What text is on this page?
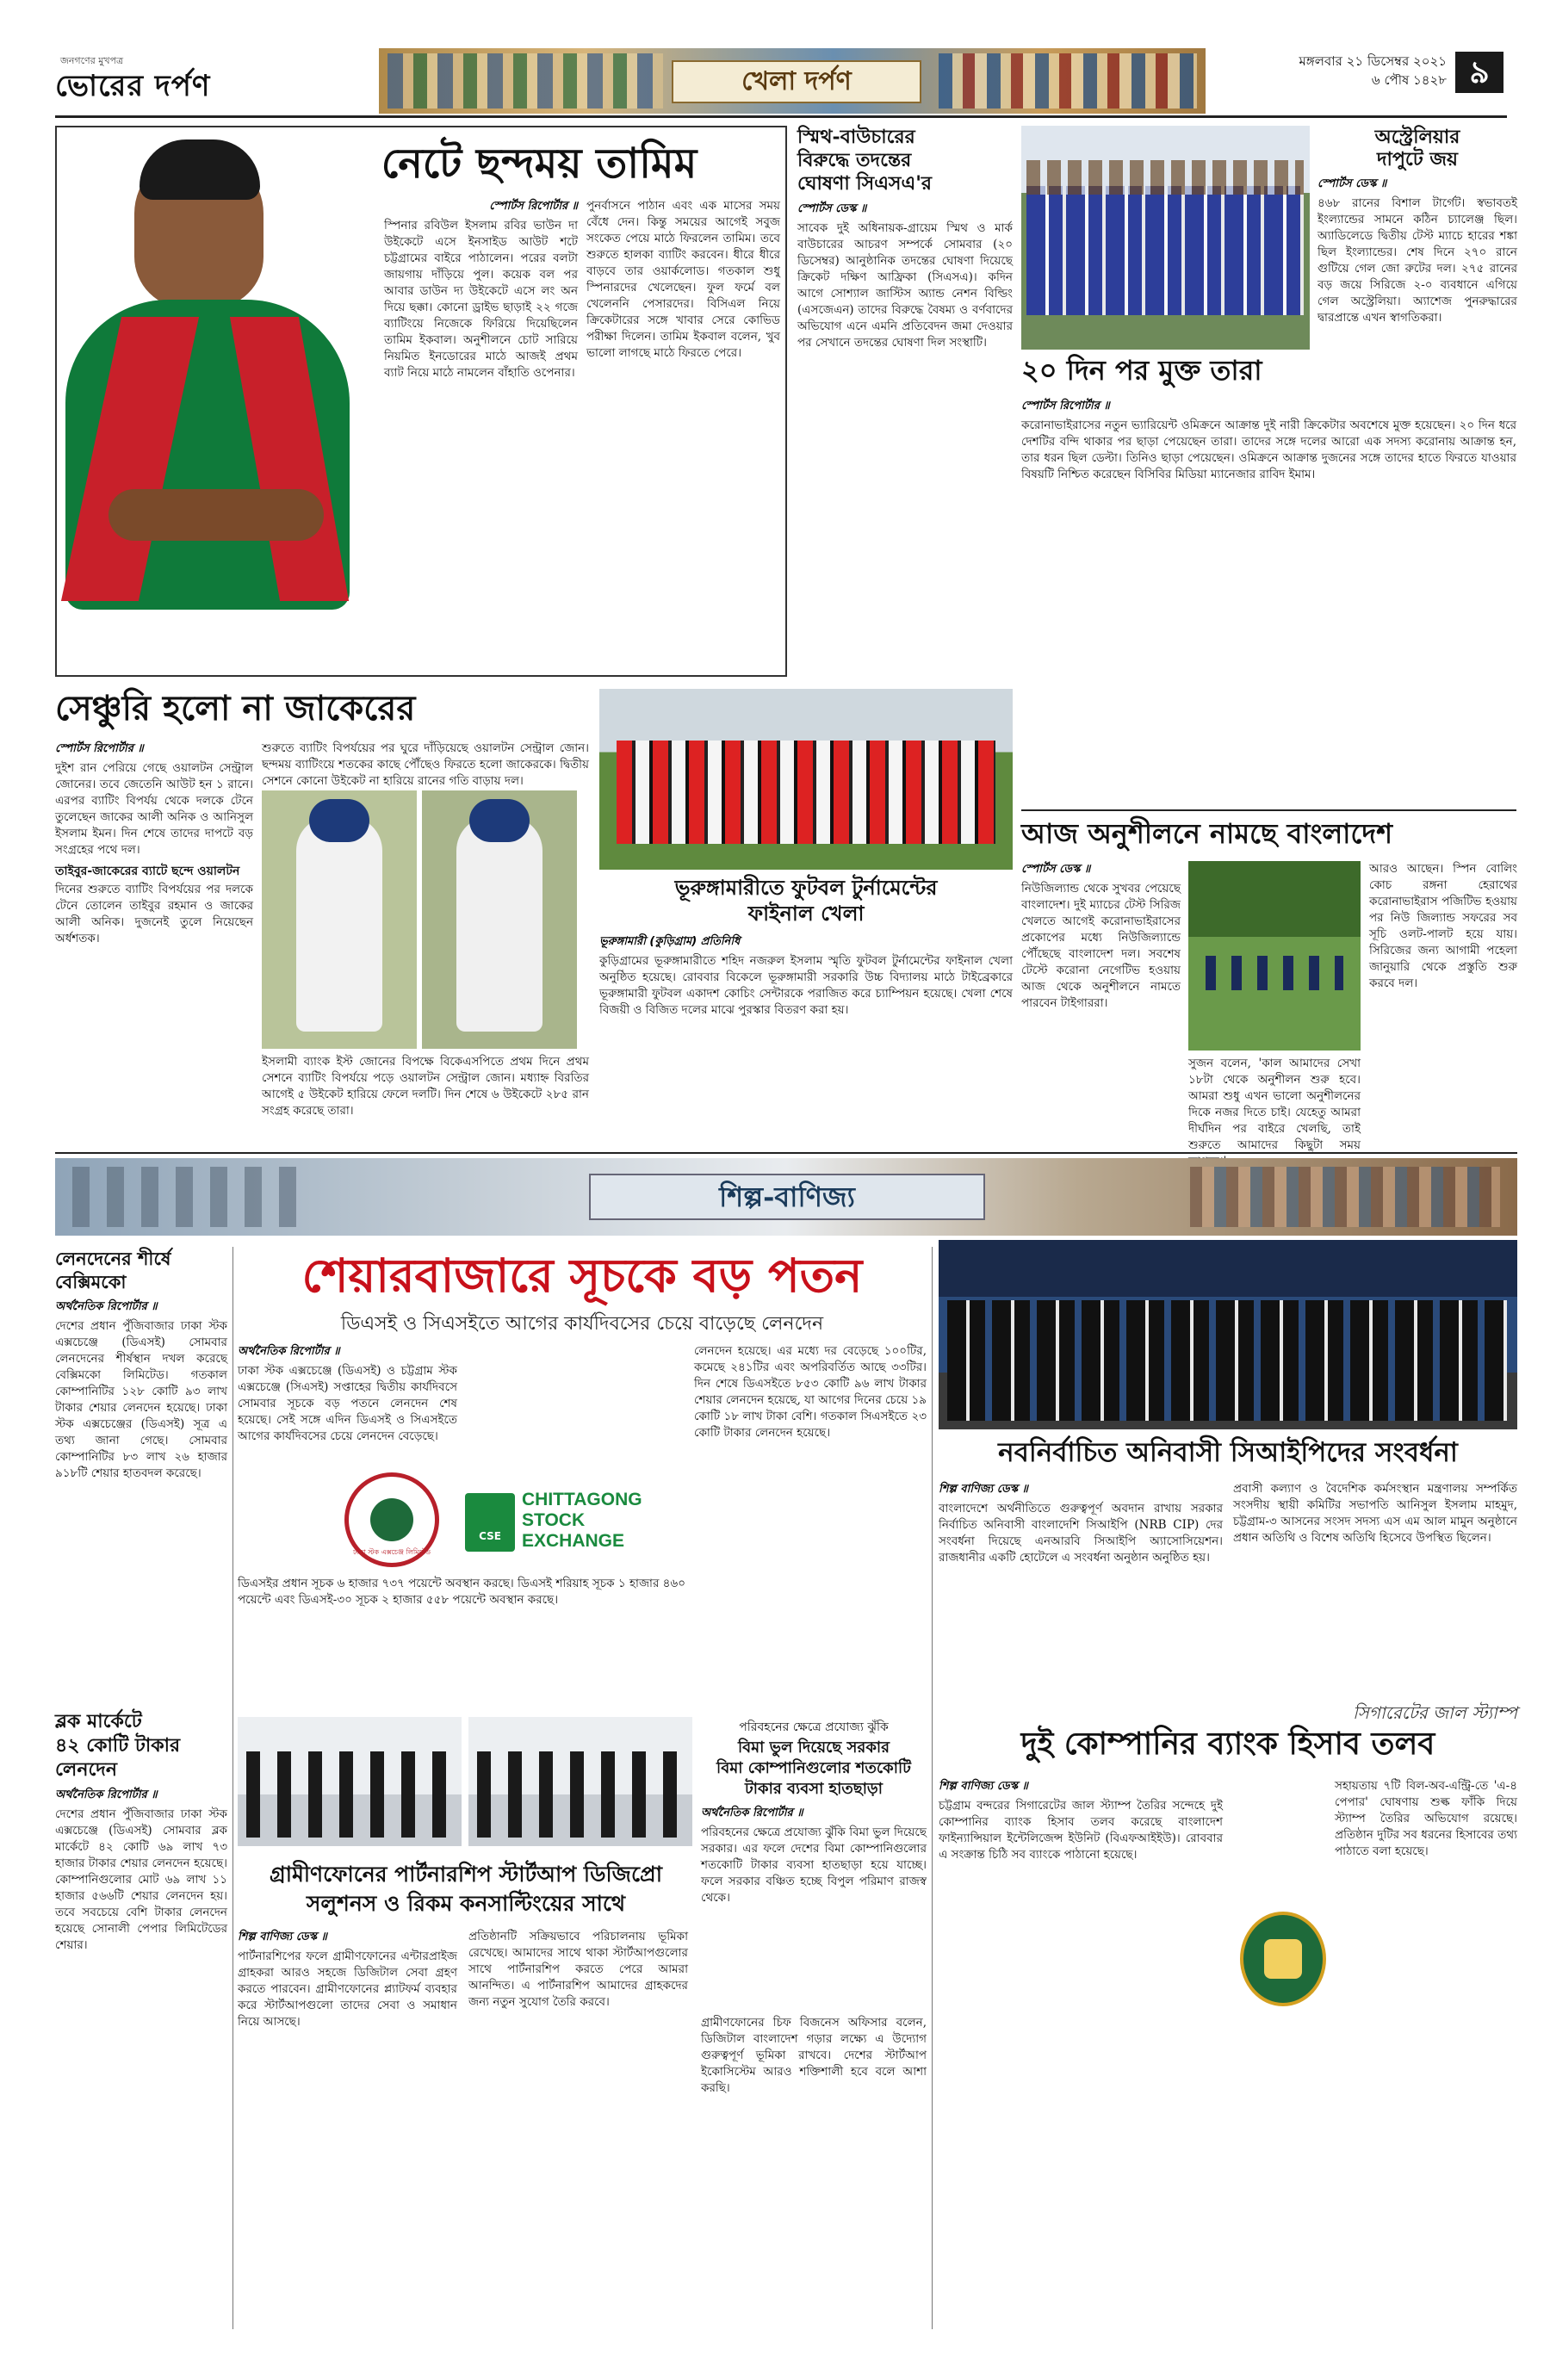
জনগণের মুখপত্র
ভোরের দর্পণ	খেলা দর্পণ
মঙ্গলবার ২১ ডিসেম্বর ২০২১
৬ পৌষ ১৪২৮ ৯
নেটে ছন্দময় তামিম
স্পোর্টস রিপোর্টার ॥
স্পিনার রবিউল ইসলাম রবির ভাউন দা উইকেটে এসে ইনসাইড আউট শটে চট্টগ্রামের বাইরে পাঠালেন। পরের বলটা জায়গায় দাঁড়িয়ে পুল। কয়েক বল পর আবার ডাউন দ্য উইকেটে এসে লং অন দিয়ে ছক্কা। কোনো ড্রাইভ ছাড়াই ২২ গজে ব্যাটিংয়ে নিজেকে ফিরিয়ে দিয়েছিলেন তামিম ইকবাল। অনুশীলনে চোট সারিয়ে নিয়মিত ইনডোরের মাঠে আজই প্রথম ব্যাট নিয়ে মাঠে নামলেন বাঁহাতি ওপেনার।
পুনর্বাসনে পাঠান এবং এক মাসের সময় বেঁধে দেন। কিন্তু সময়ের আগেই সবুজ সংকেত পেয়ে মাঠে ফিরলেন তামিম। তবে শুরুতে হালকা ব্যাটিং করবেন। ধীরে ধীরে বাড়বে তার ওয়ার্কলোড। গতকাল শুধু স্পিনারদের খেলেছেন। ফুল ফর্মে বল খেলেননি পেসারদের। বিসিএল নিয়ে ক্রিকেটারের সঙ্গে খাবার সেরে কোভিড পরীক্ষা দিলেন। তামিম ইকবাল বলেন, খুব ভালো লাগছে মাঠে ফিরতে পেরে।
স্মিথ-বাউচারের
বিরুদ্ধে তদন্তের
ঘোষণা সিএসএ'র
স্পোর্টস ডেস্ক ॥
সাবেক দুই অধিনায়ক-গ্রায়েম স্মিথ ও মার্ক বাউচারের আচরণ সম্পর্কে সোমবার (২০ ডিসেম্বর) আনুষ্ঠানিক তদন্তের ঘোষণা দিয়েছে ক্রিকেট দক্ষিণ আফ্রিকা (সিএসএ)। কদিন আগে সোশ্যাল জাস্টিস অ্যান্ড নেশন বিল্ডিং (এসজেএন) তাদের বিরুদ্ধে বৈষম্য ও বর্ণবাদের অভিযোগ এনে এমনি প্রতিবেদন জমা দেওয়ার পর সেখানে তদন্তের ঘোষণা দিল সংস্থাটি।
২০ দিন পর মুক্ত তারা
স্পোর্টস রিপোর্টার ॥
করোনাভাইরাসের নতুন ভ্যারিয়েন্ট ওমিক্রনে আক্রান্ত দুই নারী ক্রিকেটার অবশেষে মুক্ত হয়েছেন। ২০ দিন ধরে দেশটির বন্দি থাকার পর ছাড়া পেয়েছেন তারা। তাদের সঙ্গে দলের আরো এক সদস্য করোনায় আক্রান্ত হন, তার ধরন ছিল ডেল্টা। তিনিও ছাড়া পেয়েছেন। ওমিক্রনে আক্রান্ত দুজনের সঙ্গে তাদের হাতে ফিরতে যাওয়ার বিষয়টি নিশ্চিত করেছেন বিসিবির মিডিয়া ম্যানেজার রাবিদ ইমাম।
অস্ট্রেলিয়ার
দাপুটে জয়
স্পোর্টস ডেস্ক ॥
৪৬৮ রানের বিশাল টার্গেট। স্বভাবতই ইংল্যান্ডের সামনে কঠিন চ্যালেঞ্জ ছিল। অ্যাডিলেডে দ্বিতীয় টেস্ট ম্যাচে হারের শঙ্কা ছিল ইংল্যান্ডের। শেষ দিনে ২৭০ রানে গুটিয়ে গেল জো রুটের দল। ২৭৫ রানের বড় জয়ে সিরিজে ২-০ ব্যবধানে এগিয়ে গেল অস্ট্রেলিয়া। অ্যাশেজ পুনরুদ্ধারের দ্বারপ্রান্তে এখন স্বাগতিকরা।
সেঞ্চুরি হলো না জাকেরের
স্পোর্টস রিপোর্টার ॥
দুইশ রান পেরিয়ে গেছে ওয়ালটন সেন্ট্রাল জোনের। তবে জেতেনি আউট হন ১ রানে। এরপর ব্যাটিং বিপর্যয় থেকে দলকে টেনে তুলেছেন জাকের আলী অনিক ও আনিসুল ইসলাম ইমন। দিন শেষে তাদের দাপটে বড় সংগ্রহের পথে দল।
তাইবুর-জাকেরের ব্যাটে ছন্দে ওয়ালটন
দিনের শুরুতে ব্যাটিং বিপর্যয়ের পর দলকে টেনে তোলেন তাইবুর রহমান ও জাকের আলী অনিক। দুজনেই তুলে নিয়েছেন অর্ধশতক।
শুরুতে ব্যাটিং বিপর্যয়ের পর ঘুরে দাঁড়িয়েছে ওয়ালটন সেন্ট্রাল জোন। ছন্দময় ব্যাটিংয়ে শতকের কাছে পৌঁছেও ফিরতে হলো জাকেরকে। দ্বিতীয় সেশনে কোনো উইকেট না হারিয়ে রানের গতি বাড়ায় দল।
ইসলামী ব্যাংক ইস্ট জোনের বিপক্ষে বিকেএসপিতে প্রথম দিনে প্রথম সেশনে ব্যাটিং বিপর্যয়ে পড়ে ওয়ালটন সেন্ট্রাল জোন। মধ্যাহ্ন বিরতির আগেই ৫ উইকেট হারিয়ে ফেলে দলটি। দিন শেষে ৬ উইকেটে ২৮৫ রান সংগ্রহ করেছে তারা।
ভূরুঙ্গামারীতে ফুটবল টুর্নামেন্টের
ফাইনাল খেলা
ভূরুঙ্গামারী (কুড়িগ্রাম) প্রতিনিধি
কুড়িগ্রামের ভূরুঙ্গামারীতে শহিদ নজরুল ইসলাম স্মৃতি ফুটবল টুর্নামেন্টের ফাইনাল খেলা অনুষ্ঠিত হয়েছে। রোববার বিকেলে ভূরুঙ্গামারী সরকারি উচ্চ বিদ্যালয় মাঠে টাইব্রেকারে ভূরুঙ্গামারী ফুটবল একাদশ কোচিং সেন্টারকে পরাজিত করে চ্যাম্পিয়ন হয়েছে। খেলা শেষে বিজয়ী ও বিজিত দলের মাঝে পুরস্কার বিতরণ করা হয়।
আজ অনুশীলনে নামছে বাংলাদেশ
স্পোর্টস ডেস্ক ॥
নিউজিল্যান্ড থেকে সুখবর পেয়েছে বাংলাদেশ। দুই ম্যাচের টেস্ট সিরিজ খেলতে আগেই করোনাভাইরাসের প্রকোপের মধ্যে নিউজিল্যান্ডে পৌঁছেছে বাংলাদেশ দল। সবশেষ টেস্টে করোনা নেগেটিভ হওয়ায় আজ থেকে অনুশীলনে নামতে পারবেন টাইগাররা।
সুজন বলেন, 'কাল আমাদের সেখা ১৮টা থেকে অনুশীলন শুরু হবে। আমরা শুধু এখন ভালো অনুশীলনের দিকে নজর দিতে চাই। যেহেতু আমরা দীর্ঘদিন পর বাইরে খেলছি, তাই শুরুতে আমাদের কিছুটা সময়
আরও আছেন। স্পিন বোলিং কোচ রঙ্গনা হেরাথের করোনাভাইরাস পজিটিভ হওয়ায় পর নিউ জিল্যান্ড সফরের সব সূচি ওলট-পালট হয়ে যায়। সিরিজের জন্য আগামী পহেলা জানুয়ারি থেকে প্রস্তুতি শুরু করবে দল।
শিল্প-বাণিজ্য
লেনদেনের শীর্ষে
বেক্সিমকো
অর্থনৈতিক রিপোর্টার ॥
দেশের প্রধান পুঁজিবাজার ঢাকা স্টক এক্সচেঞ্জে (ডিএসই) সোমবার লেনদেনের শীর্ষস্থান দখল করেছে বেক্সিমকো লিমিটেড। গতকাল কোম্পানিটির ১২৮ কোটি ৯৩ লাখ টাকার শেয়ার লেনদেন হয়েছে। ঢাকা স্টক এক্সচেঞ্জের (ডিএসই) সূত্র এ তথ্য জানা গেছে। সোমবার কোম্পানিটির ৮৩ লাখ ২৬ হাজার ৯১৮টি শেয়ার হাতবদল করেছে।
ব্লক মার্কেটে
৪২ কোটি টাকার
লেনদেন
অর্থনৈতিক রিপোর্টার ॥
দেশের প্রধান পুঁজিবাজার ঢাকা স্টক এক্সচেঞ্জে (ডিএসই) সোমবার ব্লক মার্কেটে ৪২ কোটি ৬৯ লাখ ৭৩ হাজার টাকার শেয়ার লেনদেন হয়েছে। কোম্পানিগুলোর মোট ৬৯ লাখ ১১ হাজার ৫৬৬টি শেয়ার লেনদেন হয়। তবে সবচেয়ে বেশি টাকার লেনদেন হয়েছে সোনালী পেপার লিমিটেডের শেয়ার।
শেয়ারবাজারে সূচকে বড় পতন
ডিএসই ও সিএসইতে আগের কার্যদিবসের চেয়ে বাড়েছে লেনদেন
অর্থনৈতিক রিপোর্টার ॥
ঢাকা স্টক এক্সচেঞ্জে (ডিএসই) ও চট্টগ্রাম স্টক এক্সচেঞ্জে (সিএসই) সপ্তাহের দ্বিতীয় কার্যদিবসে সোমবার সূচকে বড় পতনে লেনদেন শেষ হয়েছে। সেই সঙ্গে এদিন ডিএসই ও সিএসইতে আগের কার্যদিবসের চেয়ে লেনদেন বেড়েছে।
ঢাকা স্টক এক্সচেঞ্জ লিমিটেড
CSE
CHITTAGONG
STOCK
EXCHANGE
লেনদেন হয়েছে। এর মধ্যে দর বেড়েছে ১০০টির, কমেছে ২৪১টির এবং অপরিবর্তিত আছে ৩৩টির। দিন শেষে ডিএসইতে ৮৫৩ কোটি ৯৬ লাখ টাকার শেয়ার লেনদেন হয়েছে, যা আগের দিনের চেয়ে ১৯ কোটি ১৮ লাখ টাকা বেশি। গতকাল সিএসইতে ২৩ কোটি টাকার লেনদেন হয়েছে।
ডিএসইর প্রধান সূচক ৬ হাজার ৭৩৭ পয়েন্টে অবস্থান করছে। ডিএসই শরিয়াহ সূচক ১ হাজার ৪৬০ পয়েন্টে এবং ডিএসই-৩০ সূচক ২ হাজার ৫৫৮ পয়েন্টে অবস্থান করছে।
নবনির্বাচিত অনিবাসী সিআইপিদের সংবর্ধনা
শিল্প বাণিজ্য ডেস্ক ॥
বাংলাদেশে অর্থনীতিতে গুরুত্বপূর্ণ অবদান রাখায় সরকার নির্বাচিত অনিবাসী বাংলাদেশি সিআইপি (NRB CIP) দের সংবর্ধনা দিয়েছে এনআরবি সিআইপি অ্যাসোসিয়েশন। রাজধানীর একটি হোটেলে এ সংবর্ধনা অনুষ্ঠান অনুষ্ঠিত হয়।
প্রবাসী কল্যাণ ও বৈদেশিক কর্মসংস্থান মন্ত্রণালয় সম্পর্কিত সংসদীয় স্থায়ী কমিটির সভাপতি আনিসুল ইসলাম মাহমুদ, চট্টগ্রাম-৩ আসনের সংসদ সদস্য এস এম আল মামুন অনুষ্ঠানে প্রধান অতিথি ও বিশেষ অতিথি হিসেবে উপস্থিত ছিলেন।
পরিবহনের ক্ষেত্রে প্রযোজ্য ঝুঁকি
বিমা ভুল দিয়েছে সরকার
বিমা কোম্পানিগুলোর শতকোটি
টাকার ব্যবসা হাতছাড়া
অর্থনৈতিক রিপোর্টার ॥
পরিবহনের ক্ষেত্রে প্রযোজ্য ঝুঁকি বিমা ভুল দিয়েছে সরকার। এর ফলে দেশের বিমা কোম্পানিগুলোর শতকোটি টাকার ব্যবসা হাতছাড়া হয়ে যাচ্ছে। ফলে সরকার বঞ্চিত হচ্ছে বিপুল পরিমাণ রাজস্ব থেকে।
গ্রামীণফোনের পার্টনারশিপ স্টার্টআপ ডিজিপ্রো
সলুশনস ও রিকম কনসাল্টিংয়ের সাথে
শিল্প বাণিজ্য ডেস্ক ॥
পার্টনারশিপের ফলে গ্রামীণফোনের এন্টারপ্রাইজ গ্রাহকরা আরও সহজে ডিজিটাল সেবা গ্রহণ করতে পারবেন। গ্রামীণফোনের প্ল্যাটফর্ম ব্যবহার করে স্টার্টআপগুলো তাদের সেবা ও সমাধান নিয়ে আসছে।
প্রতিষ্ঠানটি সক্রিয়ভাবে পরিচালনায় ভূমিকা রেখেছে। আমাদের সাথে থাকা স্টার্টআপগুলোর সাথে পার্টনারশিপ করতে পেরে আমরা আনন্দিত। এ পার্টনারশিপ আমাদের গ্রাহকদের জন্য নতুন সুযোগ তৈরি করবে।
গ্রামীণফোনের চিফ বিজনেস অফিসার বলেন, ডিজিটাল বাংলাদেশ গড়ার লক্ষ্যে এ উদ্যোগ গুরুত্বপূর্ণ ভূমিকা রাখবে। দেশের স্টার্টআপ ইকোসিস্টেম আরও শক্তিশালী হবে বলে আশা করছি।
সিগারেটের জাল স্ট্যাম্প
দুই কোম্পানির ব্যাংক হিসাব তলব
শিল্প বাণিজ্য ডেস্ক ॥
চট্টগ্রাম বন্দরের সিগারেটের জাল স্ট্যাম্প তৈরির সন্দেহে দুই কোম্পানির ব্যাংক হিসাব তলব করেছে বাংলাদেশ ফাইন্যান্সিয়াল ইন্টেলিজেন্স ইউনিট (বিএফআইইউ)। রোববার এ সংক্রান্ত চিঠি সব ব্যাংকে পাঠানো হয়েছে।
সহায়তায় ৭টি বিল-অব-এন্ট্রি-তে 'এ-৪ পেপার' ঘোষণায় শুল্ক ফাঁকি দিয়ে স্ট্যাম্প তৈরির অভিযোগ রয়েছে। প্রতিষ্ঠান দুটির সব ধরনের হিসাবের তথ্য পাঠাতে বলা হয়েছে।
